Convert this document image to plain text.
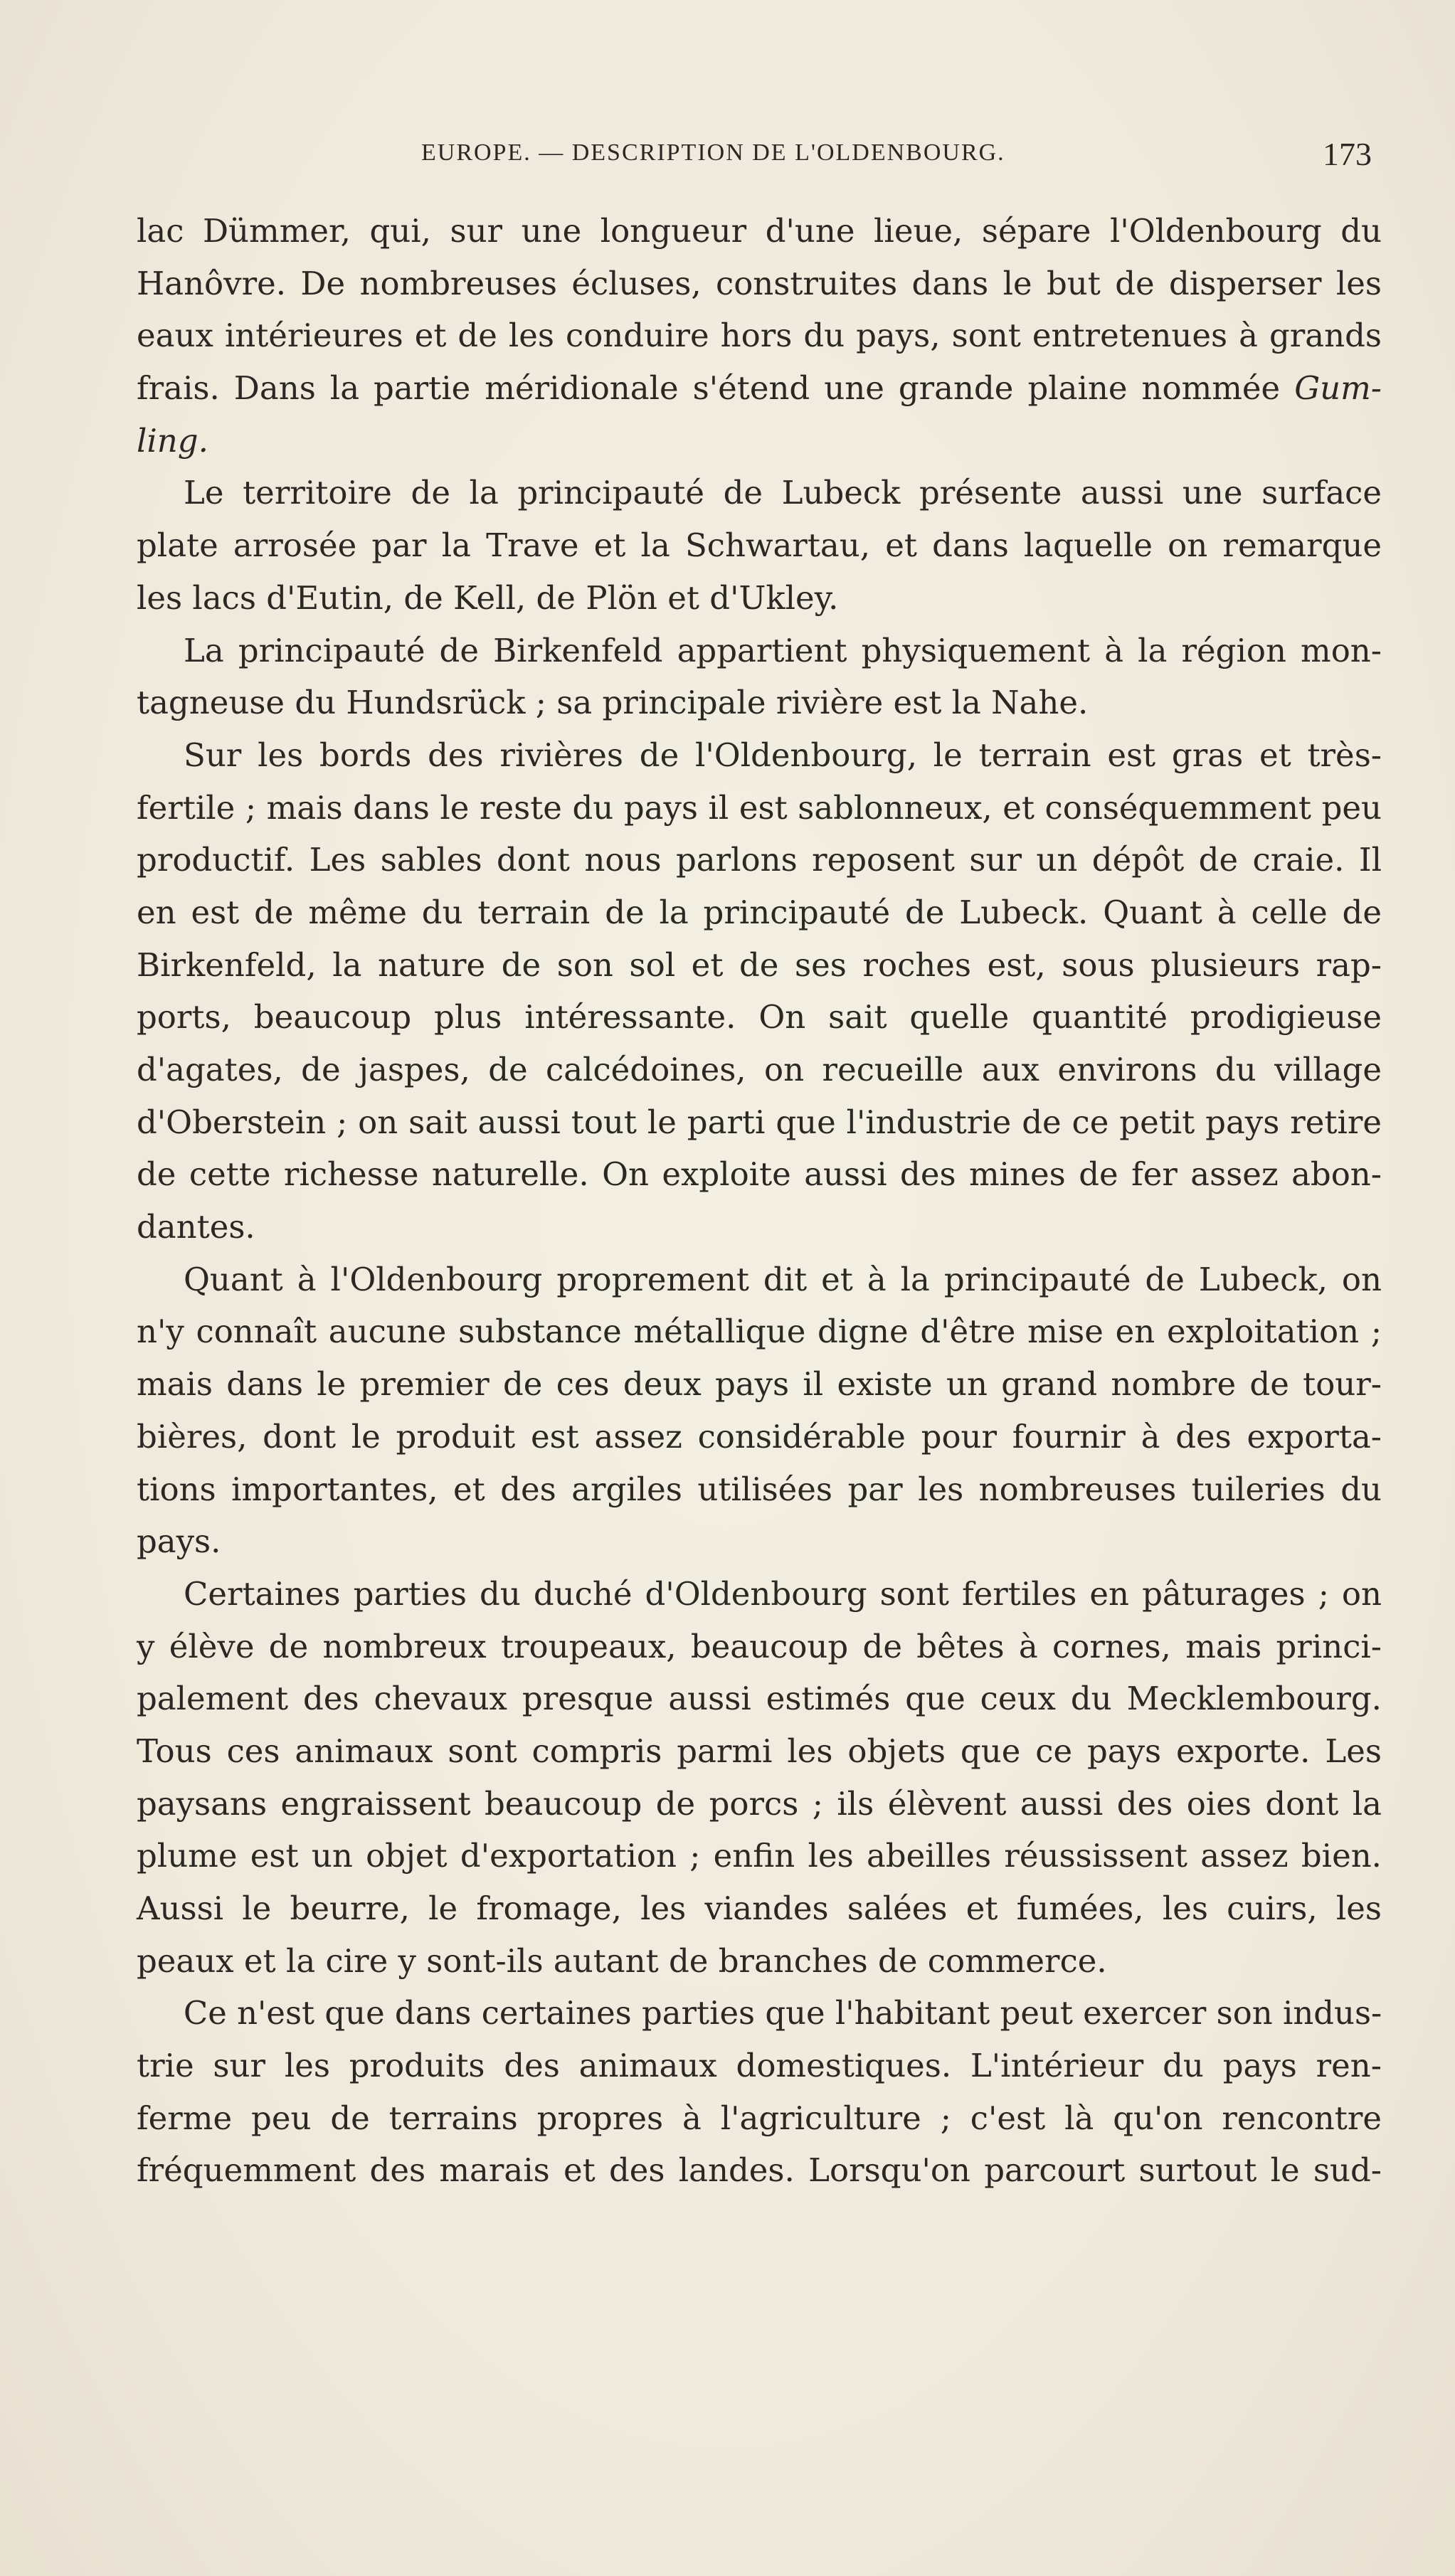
EUROPE. — DESCRIPTION DE L'OLDENBOURG.	173
lac Dümmer, qui, sur une longueur d'une lieue, sépare l'Oldenbourg du
Hanôvre. De nombreuses écluses, construites dans le but de disperser les
eaux intérieures et de les conduire hors du pays, sont entretenues à grands
frais. Dans la partie méridionale s'étend une grande plaine nommée Gum-
ling.
Le territoire de la principauté de Lubeck présente aussi une surface
plate arrosée par la Trave et la Schwartau, et dans laquelle on remarque
les lacs d'Eutin, de Kell, de Plön et d'Ukley.
La principauté de Birkenfeld appartient physiquement à la région mon-
tagneuse du Hundsrück ; sa principale rivière est la Nahe.
Sur les bords des rivières de l'Oldenbourg, le terrain est gras et très-
fertile ; mais dans le reste du pays il est sablonneux, et conséquemment peu
productif. Les sables dont nous parlons reposent sur un dépôt de craie. Il
en est de même du terrain de la principauté de Lubeck. Quant à celle de
Birkenfeld, la nature de son sol et de ses roches est, sous plusieurs rap-
ports, beaucoup plus intéressante. On sait quelle quantité prodigieuse
d'agates, de jaspes, de calcédoines, on recueille aux environs du village
d'Oberstein ; on sait aussi tout le parti que l'industrie de ce petit pays retire
de cette richesse naturelle. On exploite aussi des mines de fer assez abon-
dantes.
Quant à l'Oldenbourg proprement dit et à la principauté de Lubeck, on
n'y connaît aucune substance métallique digne d'être mise en exploitation ;
mais dans le premier de ces deux pays il existe un grand nombre de tour-
bières, dont le produit est assez considérable pour fournir à des exporta-
tions importantes, et des argiles utilisées par les nombreuses tuileries du
pays.
Certaines parties du duché d'Oldenbourg sont fertiles en pâturages ; on
y élève de nombreux troupeaux, beaucoup de bêtes à cornes, mais princi-
palement des chevaux presque aussi estimés que ceux du Mecklembourg.
Tous ces animaux sont compris parmi les objets que ce pays exporte. Les
paysans engraissent beaucoup de porcs ; ils élèvent aussi des oies dont la
plume est un objet d'exportation ; enfin les abeilles réussissent assez bien.
Aussi le beurre, le fromage, les viandes salées et fumées, les cuirs, les
peaux et la cire y sont-ils autant de branches de commerce.
Ce n'est que dans certaines parties que l'habitant peut exercer son indus-
trie sur les produits des animaux domestiques. L'intérieur du pays ren-
ferme peu de terrains propres à l'agriculture ; c'est là qu'on rencontre
fréquemment des marais et des landes. Lorsqu'on parcourt surtout le sud-
